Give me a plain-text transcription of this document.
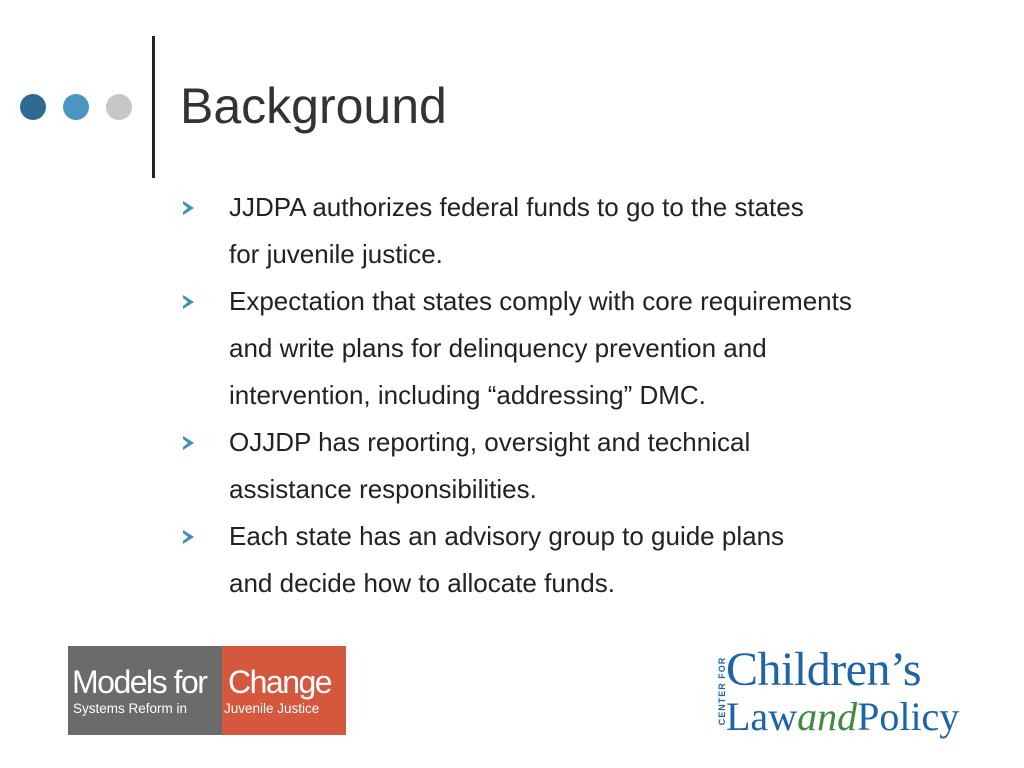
Background
JJDPA authorizes federal funds to go to the states
for juvenile justice.
Expectation that states comply with core requirements
and write plans for delinquency prevention and
intervention, including “addressing” DMC.
OJJDP has reporting, oversight and technical
assistance responsibilities.
Each state has an advisory group to guide plans
and decide how to allocate funds.
Models for Change
Systems Reform in	Juvenile Justice	CENTER FOR Children’s
LawandPolicy
